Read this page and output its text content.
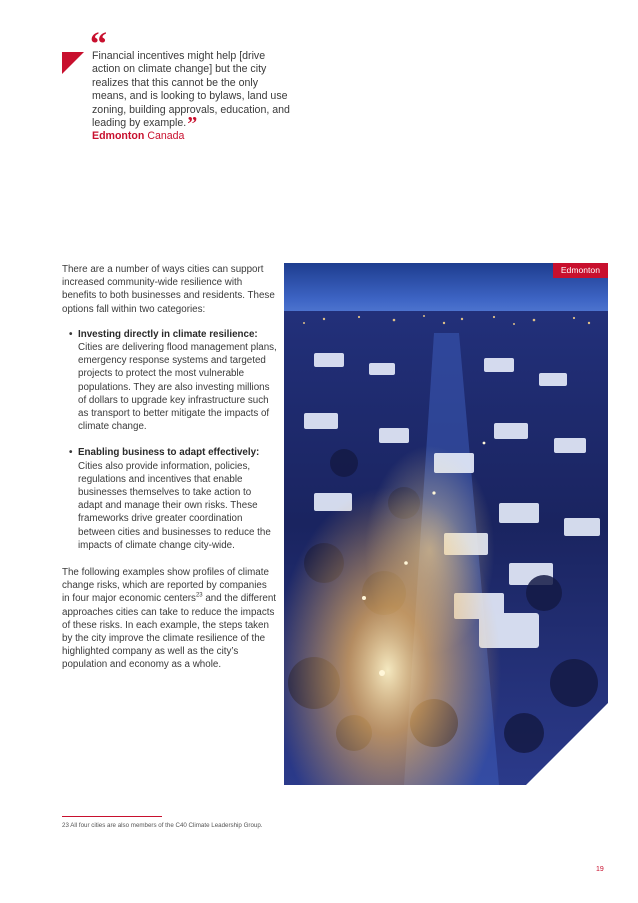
“

Financial incentives might help [drive action on climate change] but the city realizes that this cannot be the only means, and is looking to bylaws, land use zoning, building approvals, education, and leading by example.”

Edmonton Canada

There are a number of ways cities can support increased community-wide resilience with benefits to both businesses and residents. These options fall within two categories:

• Investing directly in climate resilience: Cities are delivering flood management plans, emergency response systems and targeted projects to protect the most vulnerable populations. They are also investing millions of dollars to upgrade key infrastructure such as transport to better mitigate the impacts of climate change.
• Enabling business to adapt effectively: Cities also provide information, policies, regulations and incentives that enable businesses themselves to take action to adapt and manage their own risks. These frameworks drive greater coordination between cities and businesses to reduce the impacts of climate change city-wide.

The following examples show profiles of climate change risks, which are reported by companies in four major economic centers$^{23}$ and the different approaches cities can take to reduce the impacts of these risks. In each example, the steps taken by the city improve the climate resilience of the highlighted company as well as the city’s population and economy as a whole.

Edmonton
23 All four cities are also members of the C40 Climate Leadership Group.
19
